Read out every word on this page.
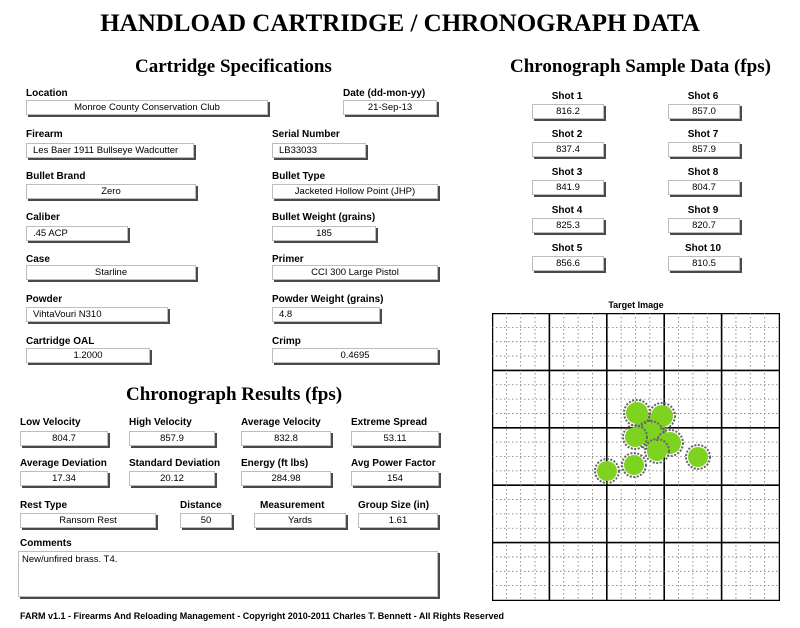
HANDLOAD CARTRIDGE / CHRONOGRAPH DATA
Cartridge Specifications
Location
Monroe County Conservation Club
Date (dd-mon-yy)
21-Sep-13
Firearm
Les Baer 1911 Bullseye Wadcutter
Serial Number
LB33033
Bullet Brand
Zero
Bullet Type
Jacketed Hollow Point (JHP)
Caliber
.45 ACP
Bullet Weight (grains)
185
Case
Starline
Primer
CCI 300 Large Pistol
Powder
VihtaVouri N310
Powder Weight (grains)
4.8
Cartridge OAL
1.2000
Crimp
0.4695
Chronograph Results (fps)
Low Velocity
804.7
High Velocity
857.9
Average Velocity
832.8
Extreme Spread
53.11
Average Deviation
17.34
Standard Deviation
20.12
Energy (ft lbs)
284.98
Avg Power Factor
154
Rest Type
Ransom Rest
Distance
50
Measurement
Yards
Group Size (in)
1.61
Comments
New/unfired brass. T4.
Chronograph Sample Data (fps)
Shot 1
816.2
Shot 2
837.4
Shot 3
841.9
Shot 4
825.3
Shot 5
856.6
Shot 6
857.0
Shot 7
857.9
Shot 8
804.7
Shot 9
820.7
Shot 10
810.5
Target Image
FARM v1.1 - Firearms And Reloading Management - Copyright 2010-2011 Charles T. Bennett - All Rights Reserved
